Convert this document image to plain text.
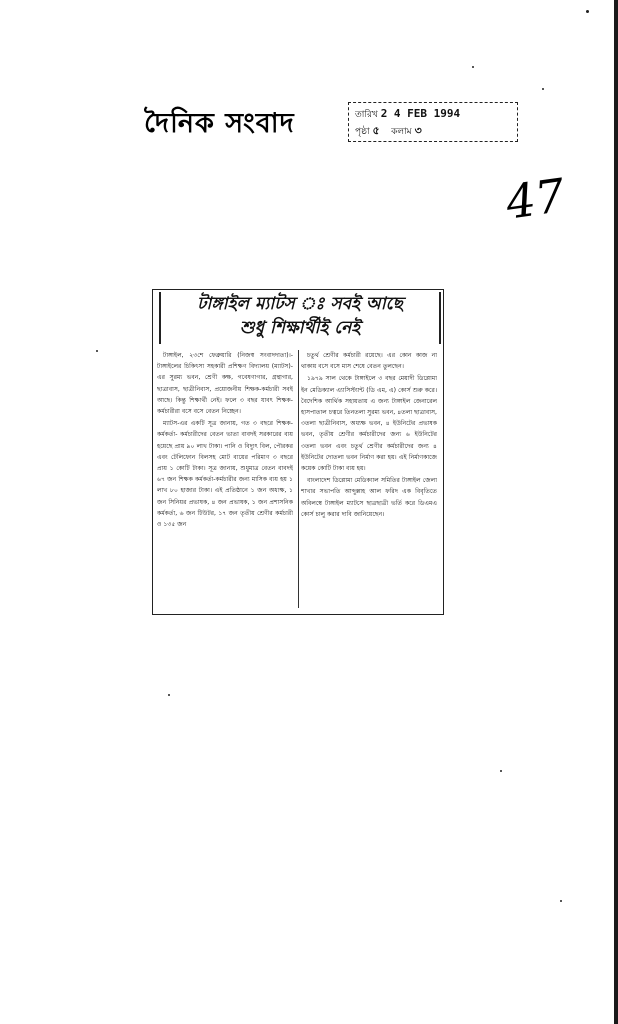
দৈনিক সংবাদ	তারিখ 2 4 FEB 1994
পৃষ্ঠা ৫ কলাম ৩
47
টাঙ্গাইল ম্যাটস ঃ সবই আছে
শুধু শিক্ষার্থীই নেই

টাঙ্গাইল, ২৩শে ফেব্রুয়ারি (নিজস্ব সংবাদদাতা)।- টাঙ্গাইলের চিকিৎসা সহকারী প্রশিক্ষণ বিদ্যালয় (ম্যাটস)-এর সুরম্য ভবন, শ্রেণী কক্ষ, গবেষণাগার, গ্রন্থাগার, ছাত্রাবাস, ছাত্রীনিবাস, প্রয়োজনীয় শিক্ষক-কর্মচারী সবই আছে। কিন্তু শিক্ষার্থী নেই। ফলে ৩ বছর যাবৎ শিক্ষক-কর্মচারীরা বসে বসে বেতন নিচ্ছেন।

ম্যাটস-এর একটি সূত্র জানায়, গত ৩ বছরে শিক্ষক- কর্মকর্তা- কর্মচারীদের বেতন ভাতা বাবদই সরকারের ব্যয় হয়েছে প্রায় ৯০ লাখ টাকা। পানি ও বিদ্যুৎ বিল, পৌরকর এবং টেলিফোন বিলসহ মোট ব্যয়ের পরিমাণ ৩ বছরে প্রায় ১ কোটি টাকা। সূত্র জানায়, শুধুমাত্র বেতন বাবদই ৬৭ জন শিক্ষক কর্মকর্তা-কর্মচারীর জন্য মাসিক ব্যয় হয় ১ লাখ ৮০ হাজার টাকা। এই প্রতিষ্ঠানে ১ জন অধ্যক্ষ, ১ জন সিনিয়র প্রভাষক, ৪ জন প্রভাষক, ১ জন প্রশাসনিক কর্মকর্তা, ৬ জন টিউটর, ১৭ জন তৃতীয় শ্রেণীর কর্মচারী ও ১৩৫ জন

চতুর্থ শ্রেণীর কর্মচারী রয়েছে। এর কোন কাজ না থাকায় বসে বসে মাস শেষে বেতন তুলছেন।

১৯৭৯ সাল থেকে টাঙ্গাইলে ৩ বছর মেয়াদী ডিপ্লোমা ইন মেডিক্যাল এ্যাসিস্ট্যান্ট (ডি এম, এ) কোর্স শুরু করে। বৈদেশিক আর্থিক সহায়তায় এ জন্য টাঙ্গাইল জেনারেল হাসপাতাল চত্বরে তিনতলা সুরম্য ভবন, ৪তলা ছাত্রাবাস, ৩তলা ছাত্রীনিবাস, অধ্যক্ষ ভবন, ৪ ইউনিটের প্রভাষক ভবন, তৃতীয় শ্রেণীর কর্মচারীদের জন্য ৬ ইউনিটের ৩তলা ভবন এবং চতুর্থ শ্রেণীর কর্মচারীদের জন্য ৪ ইউনিটের দোতলা ভবন নির্মাণ করা হয়। এই নির্মাণকাজে কয়েক কোটি টাকা ব্যয় হয়।

বাংলাদেশ ডিপ্লোমা মেডিক্যাল সমিতির টাঙ্গাইল জেলা শাখার সভাপতি আব্দুল্লাহ আল ফরিদ এক বিবৃতিতে অবিলম্বে টাঙ্গাইল ম্যাটসে ছাত্রছাত্রী ভর্তি করে ডিএমএ কোর্স চালু করার দাবি জানিয়েছেন।
